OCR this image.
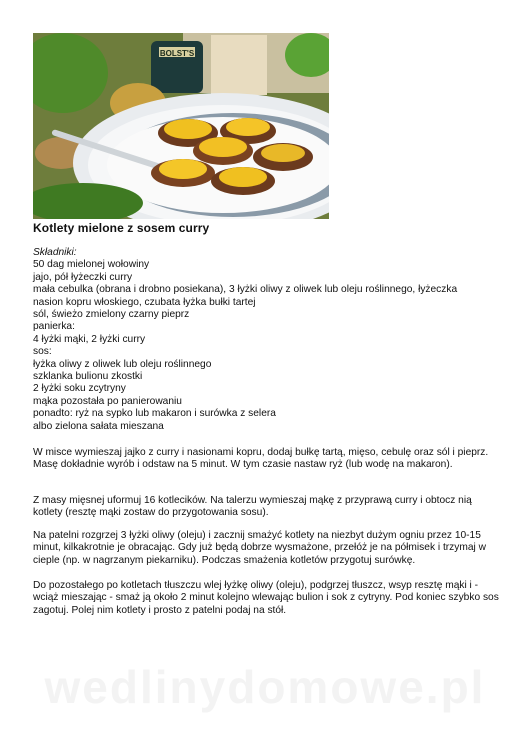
BOLST'S
Kotlety mielone z sosem curry
Składniki:
50 dag mielonej wołowiny
jajo, pół łyżeczki curry
mała cebulka (obrana i drobno posiekana), 3 łyżki oliwy z oliwek lub oleju roślinnego, łyżeczka
nasion kopru włoskiego, czubata łyżka bułki tartej
sól, świeżo zmielony czarny pieprz
panierka:
4 łyżki mąki, 2 łyżki curry
sos:
łyżka oliwy z oliwek lub oleju roślinnego
szklanka bulionu zkostki
2 łyżki soku zcytryny
mąka pozostała po panierowaniu
ponadto: ryż na sypko lub makaron i surówka z selera
albo zielona sałata mieszana
W misce wymieszaj jajko z curry i nasionami kopru, dodaj bułkę tartą, mięso, cebulę oraz sól i pieprz. Masę dokładnie wyrób i odstaw na 5 minut. W tym czasie nastaw ryż (lub wodę na makaron).
Z masy mięsnej uformuj 16 kotlecików. Na talerzu wymieszaj mąkę z przyprawą curry i obtocz nią kotlety (resztę mąki zostaw do przygotowania sosu).
Na patelni rozgrzej 3 łyżki oliwy (oleju) i zacznij smażyć kotlety na niezbyt dużym ogniu przez 10-15 minut, kilkakrotnie je obracając. Gdy już będą dobrze wysmażone, przełóż je na półmisek i trzymaj w cieple (np. w nagrzanym piekarniku). Podczas smażenia kotletów przygotuj surówkę.
Do pozostałego po kotletach tłuszczu wlej łyżkę oliwy (oleju), podgrzej tłuszcz, wsyp resztę mąki i - wciąż mieszając - smaż ją około 2 minut kolejno wlewając bulion i sok z cytryny. Pod koniec szybko sos zagotuj. Polej nim kotlety i prosto z patelni podaj na stół.
wedlinydomowe.pl
